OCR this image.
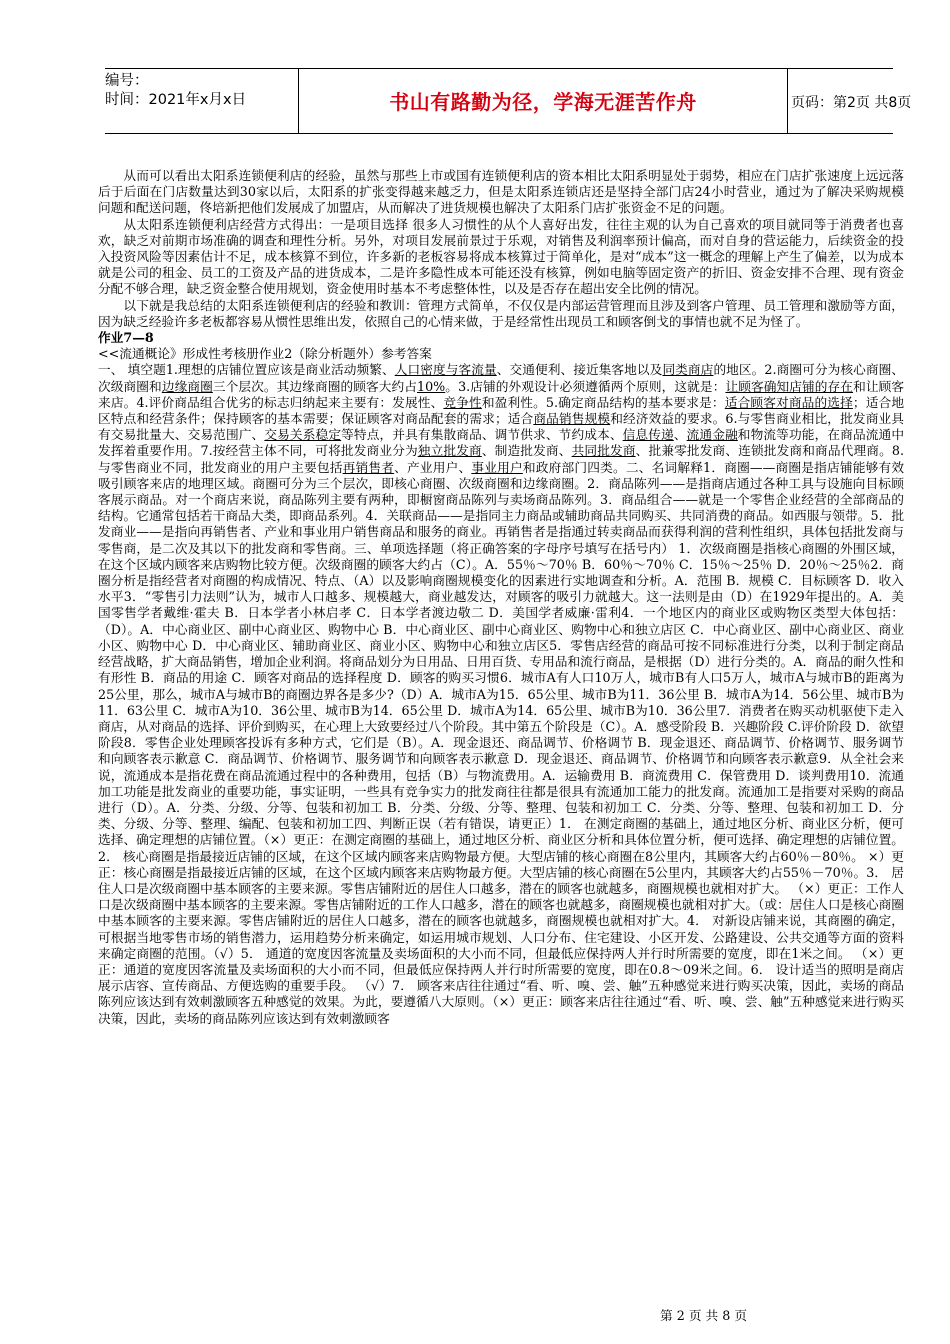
编号：
时间：2021年x月x日	书山有路勤为径，学海无涯苦作舟	页码：第2页 共8页

从而可以看出太阳系连锁便利店的经验，虽然与那些上市或国有连锁便利店的资本相比太阳系明显处于弱势，相应在门店扩张速度上远远落后于后面在门店数量达到30家以后，太阳系的扩张变得越来越乏力，但是太阳系连锁店还是坚持全部门店24小时营业，通过为了解决采购规模问题和配送问题，佟培新把他们发展成了加盟店，从而解决了进货规模也解决了太阳系门店扩张资金不足的问题。

从太阳系连锁便利店经营方式得出：一是项目选择 很多人习惯性的从个人喜好出发，往往主观的认为自己喜欢的项目就同等于消费者也喜欢，缺乏对前期市场准确的调查和理性分析。另外，对项目发展前景过于乐观，对销售及利润率预计偏高，而对自身的营运能力，后续资金的投入投资风险等因素估计不足，成本核算不到位，许多新的老板容易将成本核算过于简单化，是对“成本”这一概念的理解上产生了偏差，以为成本就是公司的租金、员工的工资及产品的进货成本，二是许多隐性成本可能还没有核算，例如电脑等固定资产的折旧、资金安排不合理、现有资金分配不够合理，缺乏资金整合使用规划，资金使用时基本不考虑整体性，以及是否存在超出安全比例的情况。

以下就是我总结的太阳系连锁便利店的经验和教训：管理方式简单，不仅仅是内部运营管理而且涉及到客户管理、员工管理和激励等方面，因为缺乏经验许多老板都容易从惯性思维出发，依照自己的心情来做，于是经常性出现员工和顾客倒戈的事情也就不足为怪了。

作业7—8

<<流通概论》形成性考核册作业2（除分析题外）参考答案

一、 填空题1.理想的店铺位置应该是商业活动频繁、人口密度与客流量、交通便利、接近集客地以及同类商店的地区。2.商圈可分为核心商圈、次级商圈和边缘商圈三个层次。其边缘商圈的顾客大约占10%。3.店铺的外观设计必须遵循两个原则，这就是：让顾客确知店铺的存在和让顾客来店。4.评价商品组合优劣的标志归纳起来主要有：发展性、竞争性和盈利性。5.确定商品结构的基本要求是：适合顾客对商品的选择；适合地区特点和经营条件；保持顾客的基本需要；保证顾客对商品配套的需求；适合商品销售规模和经济效益的要求。6.与零售商业相比，批发商业具有交易批量大、交易范围广、交易关系稳定等特点，并具有集散商品、调节供求、节约成本、信息传递、流通金融和物流等功能，在商品流通中发挥着重要作用。7.按经营主体不同，可将批发商业分为独立批发商、制造批发商、共同批发商、批兼零批发商、连锁批发商和商品代理商。8.与零售商业不同，批发商业的用户主要包括再销售者、产业用户、事业用户和政府部门四类。二、名词解释1．商圈——商圈是指店铺能够有效吸引顾客来店的地理区域。商圈可分为三个层次，即核心商圈、次级商圈和边缘商圈。2．商品陈列——是指商店通过各种工具与设施向目标顾客展示商品。对一个商店来说，商品陈列主要有两种，即橱窗商品陈列与卖场商品陈列。3．商品组合——就是一个零售企业经营的全部商品的结构。它通常包括若干商品大类，即商品系列。4．关联商品——是指同主力商品或辅助商品共同购买、共同消费的商品。如西服与领带。5．批发商业——是指向再销售者、产业和事业用户销售商品和服务的商业。再销售者是指通过转卖商品而获得利润的营利性组织，具体包括批发商与零售商，是二次及其以下的批发商和零售商。三、单项选择题（将正确答案的字母序号填写在括号内） 1．次级商圈是指核心商圈的外围区域，在这个区域内顾客来店购物比较方便。次级商圈的顾客大约占（C）。A．55％～70％ B．60％～70％ C．15％～25％ D．20％～25％2．商圈分析是指经营者对商圈的构成情况、特点、（A）以及影响商圈规模变化的因素进行实地调查和分析。A．范围 B．规模 C．目标顾客 D．收入水平3．“零售引力法则”认为，城市人口越多、规模越大，商业越发达，对顾客的吸引力就越大。这一法则是由（D）在1929年提出的。A．美国零售学者戴维·霍夫 B．日本学者小林启孝 C．日本学者渡边敬二 D．美国学者威廉·雷利4．一个地区内的商业区或购物区类型大体包括：（D）。A．中心商业区、副中心商业区、购物中心 B．中心商业区、副中心商业区、购物中心和独立店区 C．中心商业区、副中心商业区、商业小区、购物中心 D．中心商业区、辅助商业区、商业小区、购物中心和独立店区5．零售店经营的商品可按不同标准进行分类，以利于制定商品经营战略，扩大商品销售，增加企业利润。将商品划分为日用品、日用百货、专用品和流行商品，是根据（D）进行分类的。A．商品的耐久性和有形性 B．商品的用途 C．顾客对商品的选择程度 D．顾客的购买习惯6．城市A有人口10万人，城市B有人口5万人，城市A与城市B的距离为25公里，那么，城市A与城市B的商圈边界各是多少?（D）A．城市A为15．65公里、城市B为11．36公里 B．城市A为14．56公里、城市B为11．63公里 C．城市A为10．36公里、城市B为14．65公里 D．城市A为14．65公里、城市B为10．36公里7．消费者在购买动机驱使下走入商店，从对商品的选择、评价到购买，在心理上大致要经过八个阶段。其中第五个阶段是（C）。A．感受阶段 B．兴趣阶段 C.评价阶段 D．欲望阶段8．零售企业处理顾客投诉有多种方式，它们是（B）。A．现金退还、商品调节、价格调节 B．现金退还、商品调节、价格调节、服务调节和向顾客表示歉意 C．商品调节、价格调节、服务调节和向顾客表示歉意 D．现金退还、商品调节、价格调节和向顾客表示歉意9．从全社会来说，流通成本是指花费在商品流通过程中的各种费用，包括（B）与物流费用。A．运输费用 B．商流费用 C．保管费用 D．谈判费用10．流通加工功能是批发商业的重要功能，事实证明，一些具有竞争实力的批发商往往都是很具有流通加工能力的批发商。流通加工是指要对采购的商品进行（D）。A．分类、分级、分等、包装和初加工 B．分类、分级、分等、整理、包装和初加工 C．分类、分等、整理、包装和初加工 D．分类、分级、分等、整理、编配、包装和初加工四、判断正误（若有错误，请更正）1． 在测定商圈的基础上，通过地区分析、商业区分析，便可选择、确定理想的店铺位置。（×）更正：在测定商圈的基础上，通过地区分析、商业区分析和具体位置分析，便可选择、确定理想的店铺位置。2． 核心商圈是指最接近店铺的区域，在这个区域内顾客来店购物最方便。大型店铺的核心商圈在8公里内，其顾客大约占60％－80％。 ×）更正：核心商圈是指最接近店铺的区域，在这个区域内顾客来店购物最方便。大型店铺的核心商圈在5公里内，其顾客大约占55％－70％。3． 居住人口是次级商圈中基本顾客的主要来源。零售店铺附近的居住人口越多，潜在的顾客也就越多，商圈规模也就相对扩大。 （×）更正：工作人口是次级商圈中基本顾客的主要来源。零售店铺附近的工作人口越多，潜在的顾客也就越多，商圈规模也就相对扩大。（或：居住人口是核心商圈中基本顾客的主要来源。零售店铺附近的居住人口越多，潜在的顾客也就越多，商圈规模也就相对扩大。4． 对新设店铺来说，其商圈的确定，可根据当地零售市场的销售潜力，运用趋势分析来确定，如运用城市规划、人口分布、住宅建设、小区开发、公路建设、公共交通等方面的资料来确定商圈的范围。（√）5． 通道的宽度因客流量及卖场面积的大小而不同，但最低应保持两人并行时所需要的宽度，即在1米之间。 （×）更正：通道的宽度因客流量及卖场面积的大小而不同，但最低应保持两人并行时所需要的宽度，即在0.8～09米之间。6． 设计适当的照明是商店展示店容、宣传商品、方便选购的重要手段。 （√）7． 顾客来店往往通过“看、听、嗅、尝、触”五种感觉来进行购买决策，因此，卖场的商品陈列应该达到有效刺激顾客五种感觉的效果。为此，要遵循八大原则。（×）更正：顾客来店往往通过“看、听、嗅、尝、触”五种感觉来进行购买决策，因此，卖场的商品陈列应该达到有效刺激顾客

第 2 页 共 8 页
